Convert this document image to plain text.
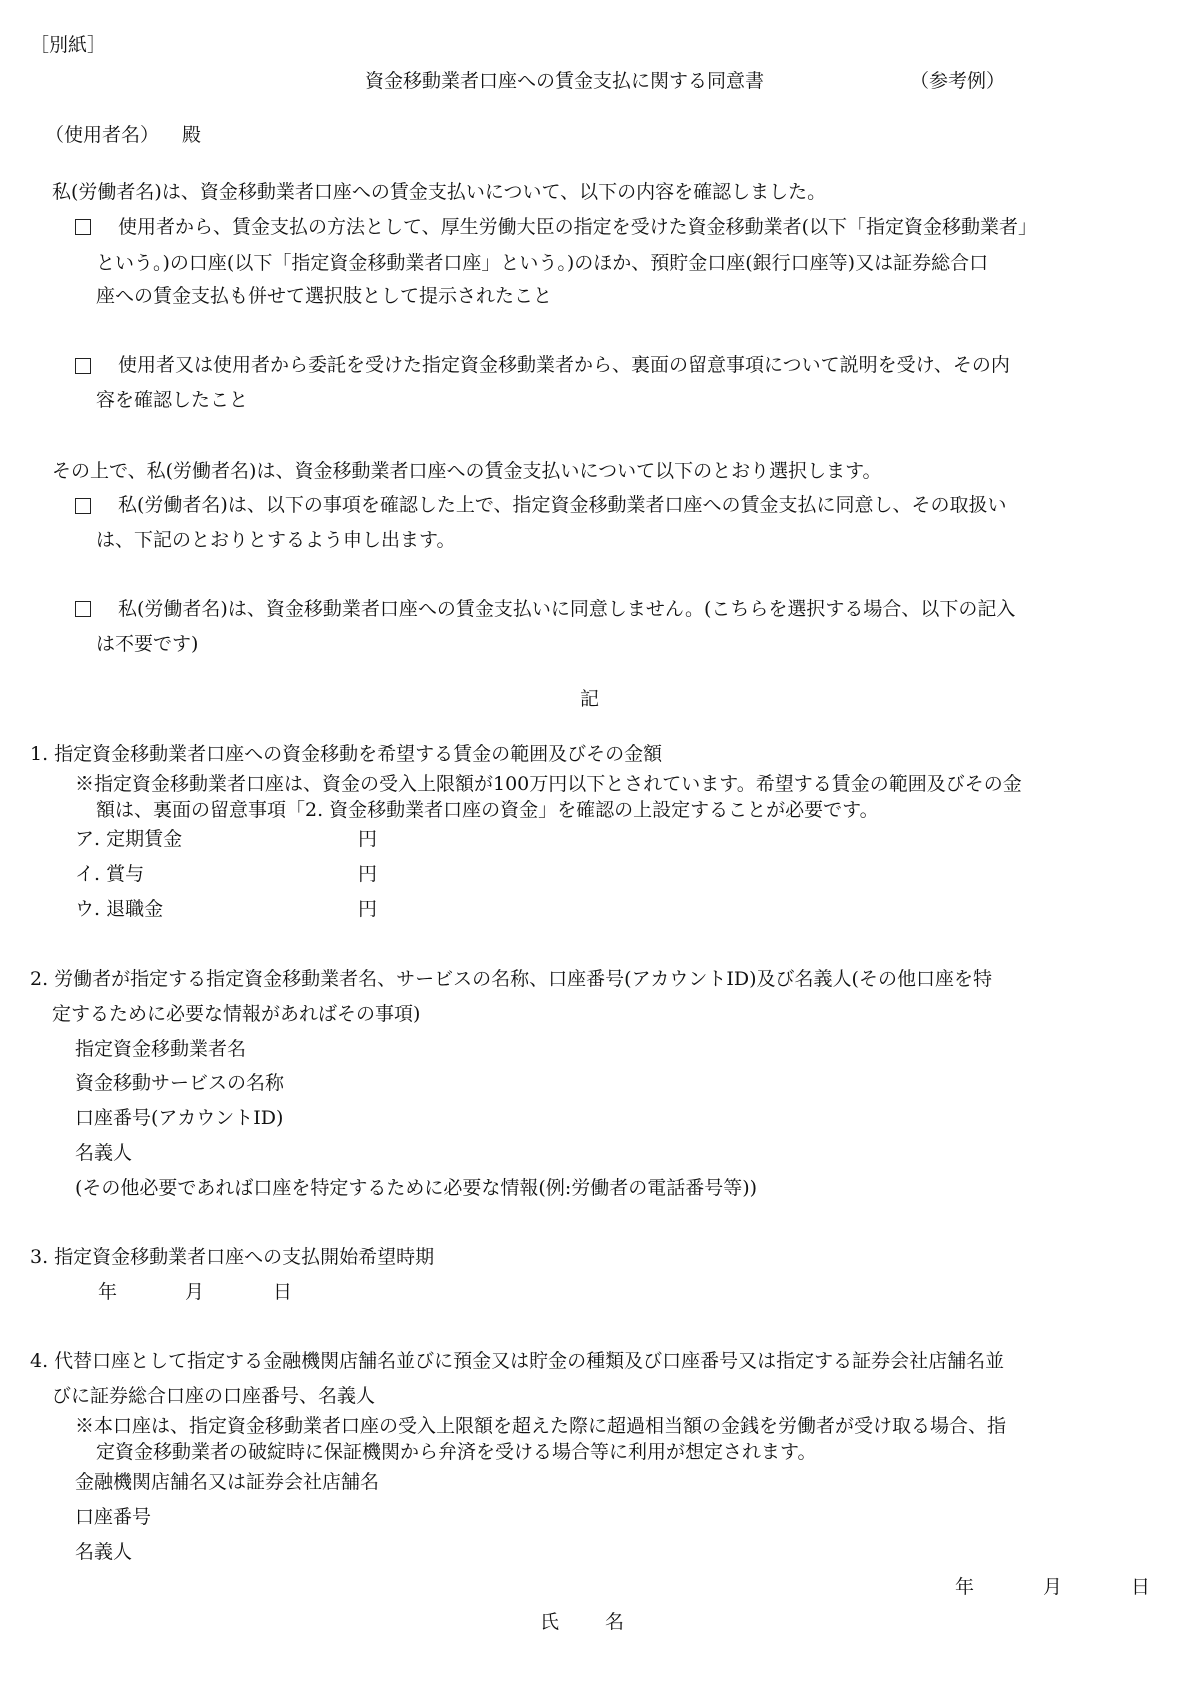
［別紙］
資金移動業者口座への賃金支払に関する同意書	（参考例）
（使用者名） 殿
私(労働者名)は、資金移動業者口座への賃金支払いについて、以下の内容を確認しました。
使用者から、賃金支払の方法として、厚生労働大臣の指定を受けた資金移動業者(以下「指定資金移動業者」
という。)の口座(以下「指定資金移動業者口座」という。)のほか、預貯金口座(銀行口座等)又は証券総合口
座への賃金支払も併せて選択肢として提示されたこと
使用者又は使用者から委託を受けた指定資金移動業者から、裏面の留意事項について説明を受け、その内
容を確認したこと
その上で、私(労働者名)は、資金移動業者口座への賃金支払いについて以下のとおり選択します。
私(労働者名)は、以下の事項を確認した上で、指定資金移動業者口座への賃金支払に同意し、その取扱い
は、下記のとおりとするよう申し出ます。
私(労働者名)は、資金移動業者口座への賃金支払いに同意しません。(こちらを選択する場合、以下の記入
は不要です)
記
1. 指定資金移動業者口座への資金移動を希望する賃金の範囲及びその金額
※指定資金移動業者口座は、資金の受入上限額が100万円以下とされています。希望する賃金の範囲及びその金
額は、裏面の留意事項「2. 資金移動業者口座の資金」を確認の上設定することが必要です。
ア. 定期賃金	円
イ. 賞与	円
ウ. 退職金	円
2. 労働者が指定する指定資金移動業者名、サービスの名称、口座番号(アカウントID)及び名義人(その他口座を特
定するために必要な情報があればその事項)
指定資金移動業者名
資金移動サービスの名称
口座番号(アカウントID)
名義人
(その他必要であれば口座を特定するために必要な情報(例:労働者の電話番号等))
3. 指定資金移動業者口座への支払開始希望時期
年	月	日
4. 代替口座として指定する金融機関店舗名並びに預金又は貯金の種類及び口座番号又は指定する証券会社店舗名並
びに証券総合口座の口座番号、名義人
※本口座は、指定資金移動業者口座の受入上限額を超えた際に超過相当額の金銭を労働者が受け取る場合、指
定資金移動業者の破綻時に保証機関から弁済を受ける場合等に利用が想定されます。
金融機関店舗名又は証券会社店舗名
口座番号
名義人
年	月	日
氏 名
